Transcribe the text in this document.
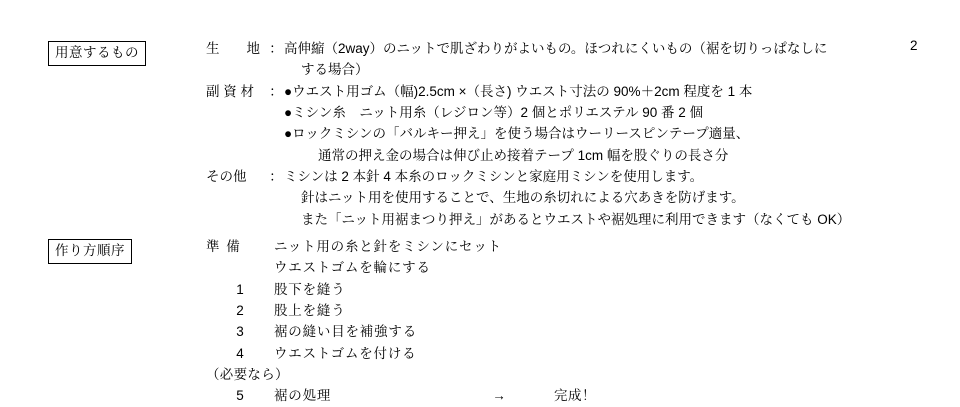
用意するもの	生　　地 ： 高伸縮（2way）のニットで肌ざわりがよいもの。ほつれにくいもの（裾を切りっぱなしに
する場合）
副 資 材	： ●ウエスト用ゴム（幅)2.5cm ×（長さ) ウエスト寸法の 90%＋2cm 程度を 1 本
●ミシン糸　ニット用糸（レジロン等）2 個とポリエステル 90 番 2 個
●ロックミシンの「バルキー押え」を使う場合はウーリースピンテープ適量、
通常の押え金の場合は伸び止め接着テープ 1cm 幅を股ぐりの長さ分
その他	： ミシンは 2 本針 4 本糸のロックミシンと家庭用ミシンを使用します。
針はニット用を使用することで、生地の糸切れによる穴あきを防げます。
また「ニット用裾まつり押え」があるとウエストや裾処理に利用できます（なくても OK）
2
作り方順序	準 備	ニット用の糸と針をミシンにセット
ウエストゴムを輪にする
1	股下を縫う
2	股上を縫う
3	裾の縫い目を補強する
4	ウエストゴムを付ける
（必要なら）
5	裾の処理	→	完成！
